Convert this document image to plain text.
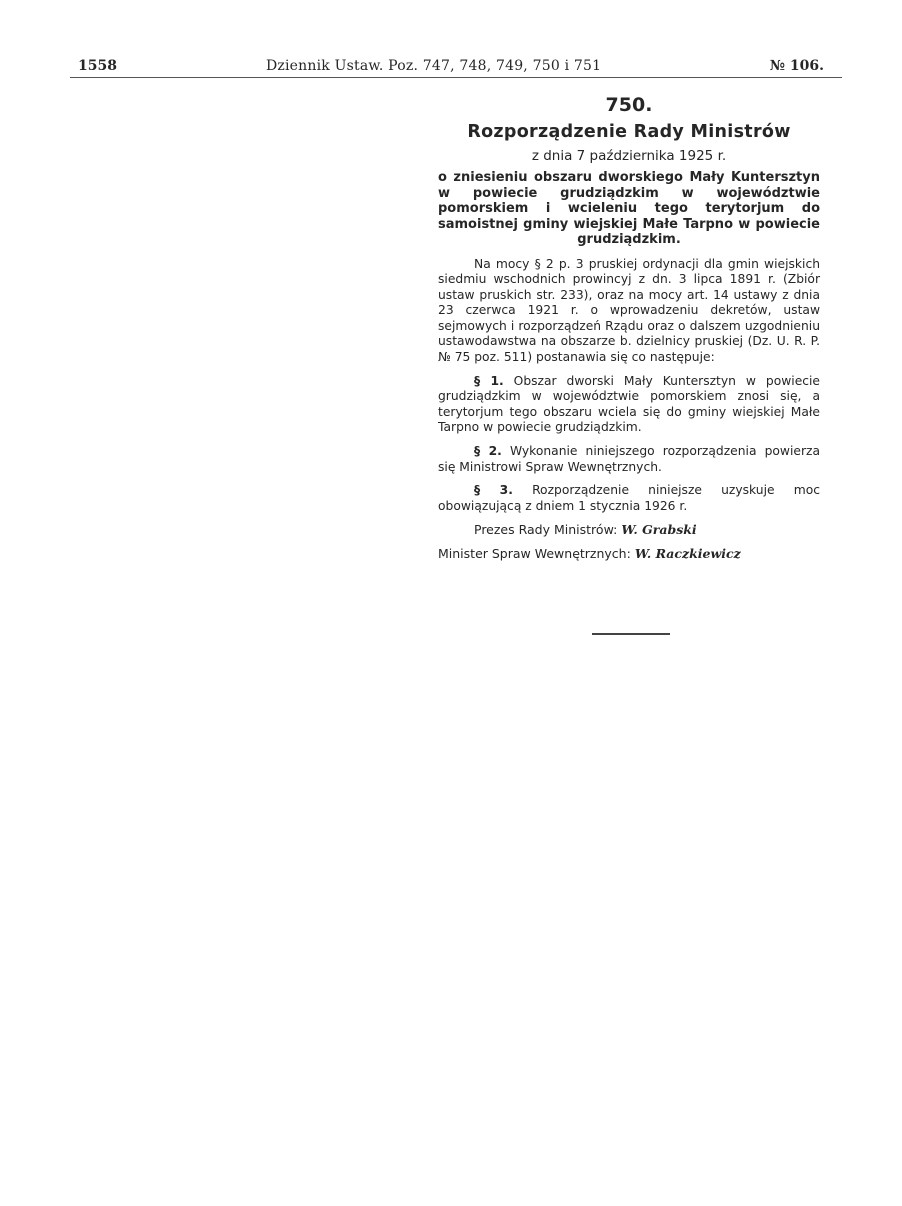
1558	Dziennik Ustaw. Poz. 747, 748, 749, 750 i 751	№ 106.
750.
Rozporządzenie Rady Ministrów
z dnia 7 października 1925 r.
o zniesieniu obszaru dworskiego Mały Kuntersztyn w powiecie grudziądzkim w województwie pomorskiem i wcieleniu tego terytorjum do samoistnej gminy wiejskiej Małe Tarpno w powiecie grudziądzkim.

Na mocy § 2 p. 3 pruskiej ordynacji dla gmin wiejskich siedmiu wschodnich prowincyj z dn. 3 lipca 1891 r. (Zbiór ustaw pruskich str. 233), oraz na mocy art. 14 ustawy z dnia 23 czerwca 1921 r. o wprowadzeniu dekretów, ustaw sejmowych i rozporządzeń Rządu oraz o dalszem uzgodnieniu ustawodawstwa na obszarze b. dzielnicy pruskiej (Dz. U. R. P. № 75 poz. 511) postanawia się co następuje:

§ 1. Obszar dworski Mały Kuntersztyn w powiecie grudziądzkim w województwie pomorskiem znosi się, a terytorjum tego obszaru wciela się do gminy wiejskiej Małe Tarpno w powiecie grudziądzkim.

§ 2. Wykonanie niniejszego rozporządzenia powierza się Ministrowi Spraw Wewnętrznych.

§ 3. Rozporządzenie niniejsze uzyskuje moc obowiązującą z dniem 1 stycznia 1926 r.

Prezes Rady Ministrów: W. Grabski
Minister Spraw Wewnętrznych: W. Raczkiewicz
